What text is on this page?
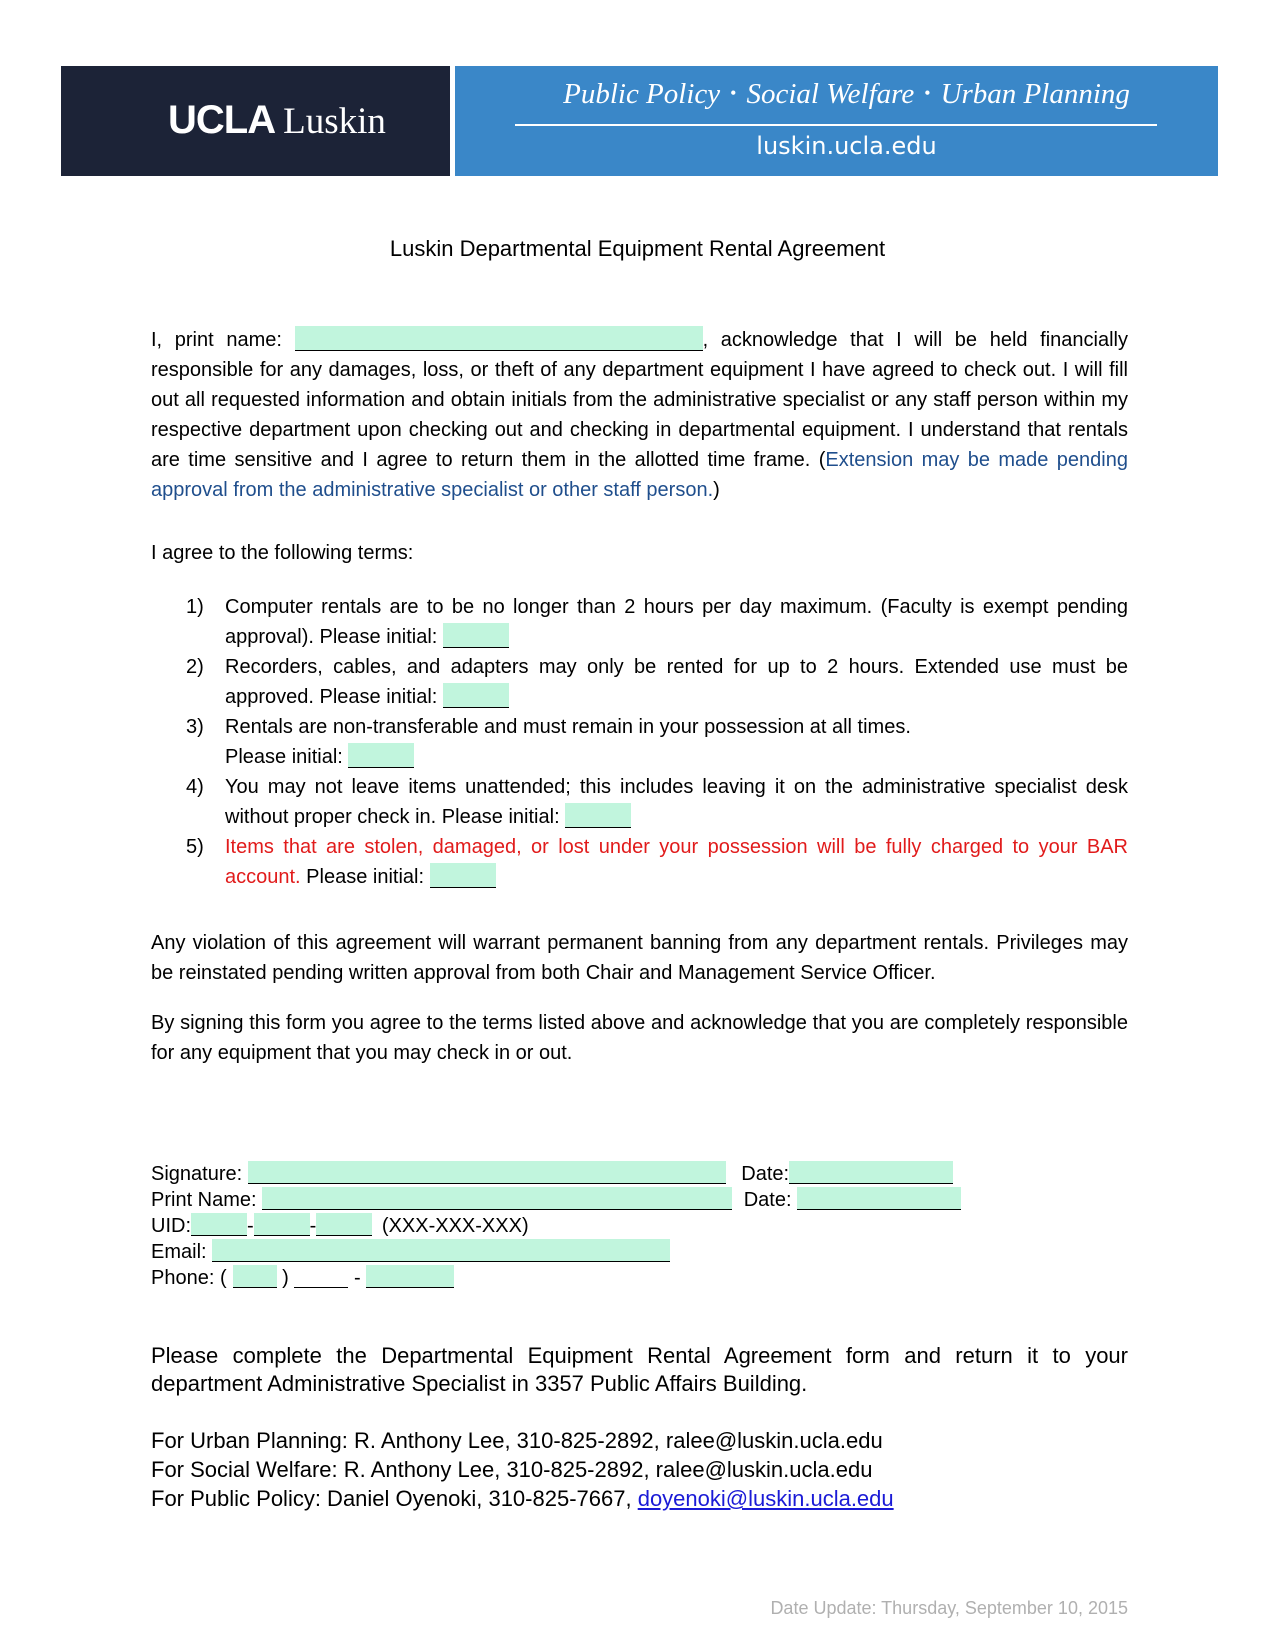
UCLA Luskin
Public Policy • Social Welfare • Urban Planning
luskin.ucla.edu
Luskin Departmental Equipment Rental Agreement
I, print name:	, acknowledge that I will be held financially responsible for any damages, loss, or theft of any department equipment I have agreed to check out. I will fill out all requested information and obtain initials from the administrative specialist or any staff person within my respective department upon checking out and checking in departmental equipment. I understand that rentals are time sensitive and I agree to return them in the allotted time frame. (Extension may be made pending approval from the administrative specialist or other staff person.)
I agree to the following terms:
1) Computer rentals are to be no longer than 2 hours per day maximum. (Faculty is exempt pending approval). Please initial:
2) Recorders, cables, and adapters may only be rented for up to 2 hours. Extended use must be approved. Please initial:
3) Rentals are non-transferable and must remain in your possession at all times.
Please initial:
4) You may not leave items unattended; this includes leaving it on the administrative specialist desk without proper check in. Please initial:
5) Items that are stolen, damaged, or lost under your possession will be fully charged to your BAR account. Please initial:
Any violation of this agreement will warrant permanent banning from any department rentals. Privileges may be reinstated pending written approval from both Chair and Management Service Officer.
By signing this form you agree to the terms listed above and acknowledge that you are completely responsible for any equipment that you may check in or out.
Signature:	Date:
Print Name:	Date:
UID:	-	-	(XXX-XXX-XXX)
Email:
Phone: (	)	-
Please complete the Departmental Equipment Rental Agreement form and return it to your department Administrative Specialist in 3357 Public Affairs Building.
For Urban Planning: R. Anthony Lee, 310-825-2892, ralee@luskin.ucla.edu
For Social Welfare: R. Anthony Lee, 310-825-2892, ralee@luskin.ucla.edu
For Public Policy: Daniel Oyenoki, 310-825-7667, doyenoki@luskin.ucla.edu
Date Update: Thursday, September 10, 2015
